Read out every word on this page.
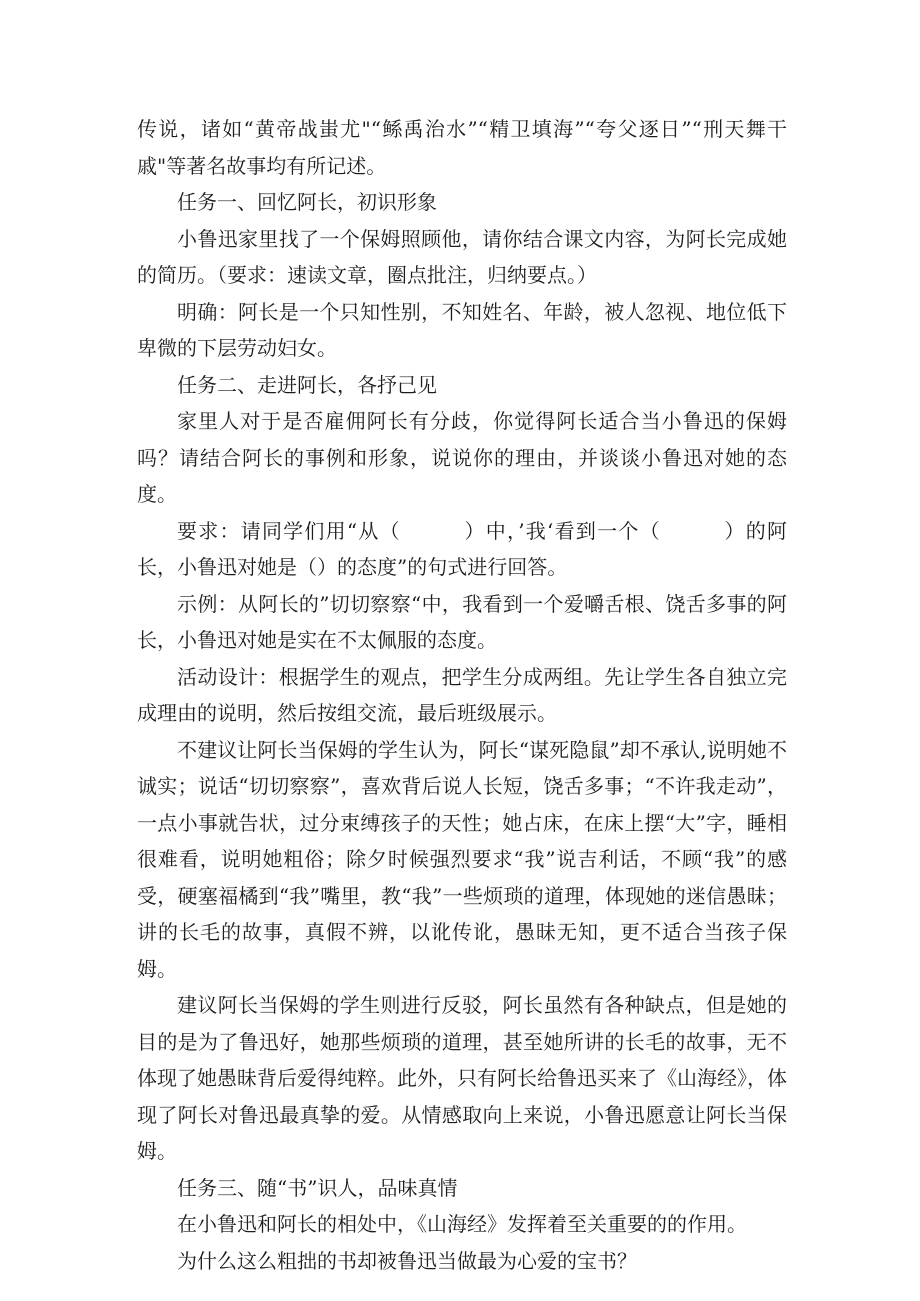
传说，诸如“黄帝战蚩尤"“鲧禹治水”“精卫填海”“夸父逐日”“刑天舞干戚"等著名故事均有所记述。

任务一、回忆阿长，初识形象

小鲁迅家里找了一个保姆照顾他，请你结合课文内容，为阿长完成她的简历。（要求：速读文章，圈点批注，归纳要点。）

明确：阿长是一个只知性别，不知姓名、年龄，被人忽视、地位低下卑微的下层劳动妇女。

任务二、走进阿长，各抒己见

家里人对于是否雇佣阿长有分歧，你觉得阿长适合当小鲁迅的保姆吗？请结合阿长的事例和形象，说说你的理由，并谈谈小鲁迅对她的态度。

要求：请同学们用“从（　　　）中，’我‘看到一个（　　　）的阿长，小鲁迅对她是（）的态度”的句式进行回答。

示例：从阿长的”切切察察“中，我看到一个爱嚼舌根、饶舌多事的阿长，小鲁迅对她是实在不太佩服的态度。

活动设计：根据学生的观点，把学生分成两组。先让学生各自独立完成理由的说明，然后按组交流，最后班级展示。

不建议让阿长当保姆的学生认为，阿长“谋死隐鼠”却不承认,说明她不诚实；说话“切切察察”，喜欢背后说人长短，饶舌多事；“不许我走动”，一点小事就告状，过分束缚孩子的天性；她占床，在床上摆“大”字，睡相很难看，说明她粗俗；除夕时候强烈要求“我”说吉利话，不顾“我”的感受，硬塞福橘到“我”嘴里，教“我”一些烦琐的道理，体现她的迷信愚昧；讲的长毛的故事，真假不辨，以讹传讹，愚昧无知，更不适合当孩子保姆。

建议阿长当保姆的学生则进行反驳，阿长虽然有各种缺点，但是她的目的是为了鲁迅好，她那些烦琐的道理，甚至她所讲的长毛的故事，无不体现了她愚昧背后爱得纯粹。此外，只有阿长给鲁迅买来了《山海经》，体现了阿长对鲁迅最真挚的爱。从情感取向上来说，小鲁迅愿意让阿长当保姆。

任务三、随“书”识人，品味真情

在小鲁迅和阿长的相处中，《山海经》发挥着至关重要的的作用。

为什么这么粗拙的书却被鲁迅当做最为心爱的宝书？
